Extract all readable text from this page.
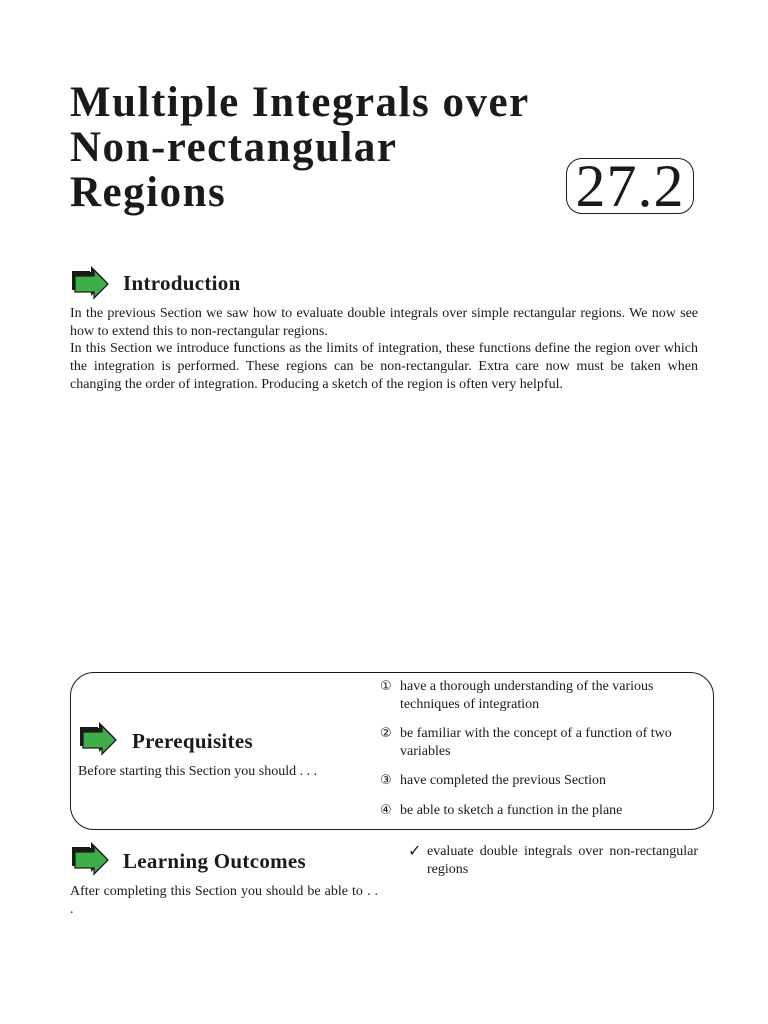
Multiple Integrals over
Non-rectangular
Regions	27.2
Introduction

In the previous Section we saw how to evaluate double integrals over simple rectangular regions. We now see how to extend this to non-rectangular regions.

In this Section we introduce functions as the limits of integration, these functions define the region over which the integration is performed. These regions can be non-rectangular. Extra care now must be taken when changing the order of integration. Producing a sketch of the region is often very helpful.

Prerequisites
Before starting this Section you should . . .
① have a thorough understanding of the various techniques of integration
② be familiar with the concept of a function of two variables
③ have completed the previous Section
④ be able to sketch a function in the plane
Learning Outcomes
After completing this Section you should be able to . . .
✓ evaluate double integrals over non-rectangular regions
